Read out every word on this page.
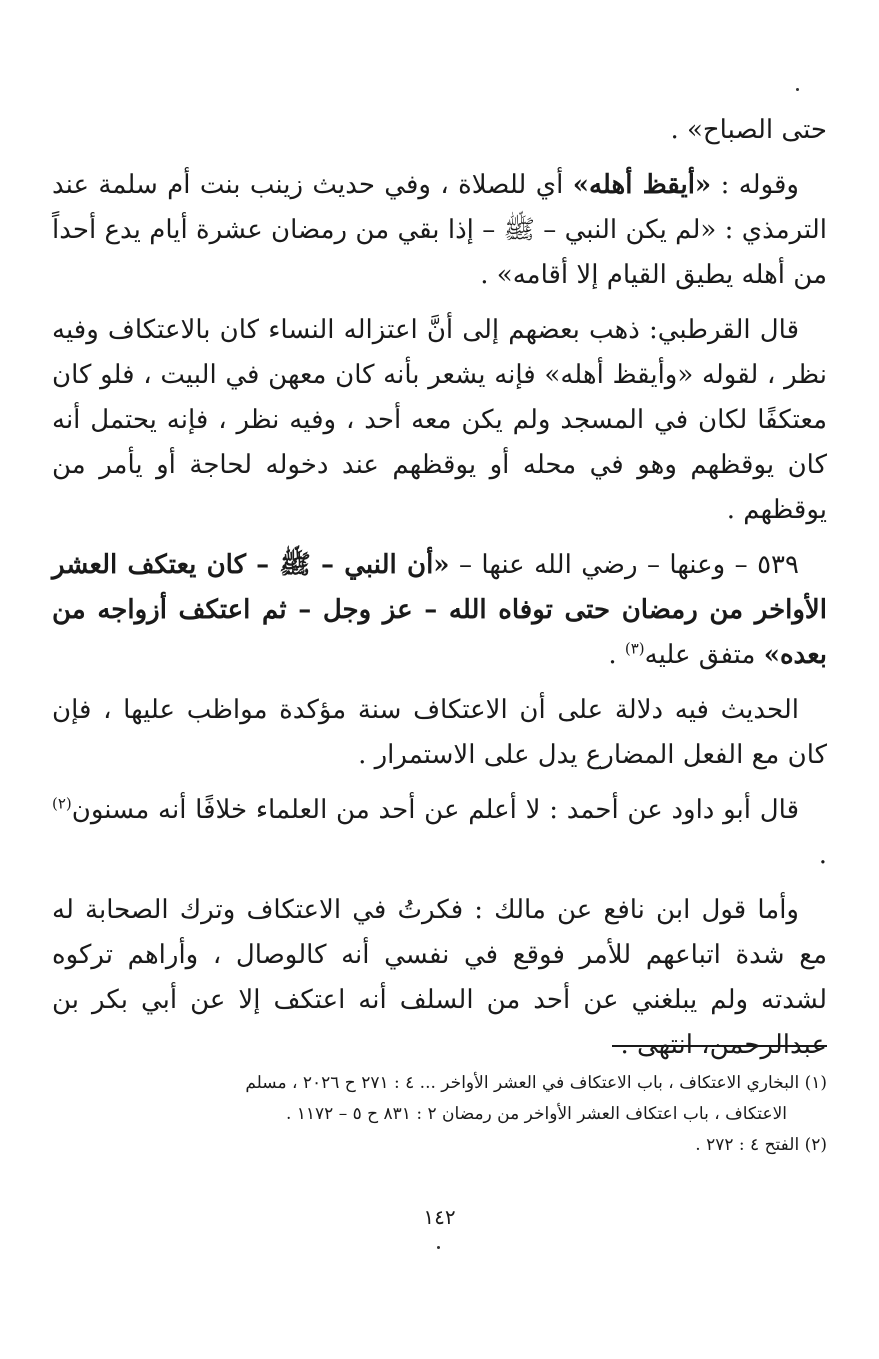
حتى الصباح» .

وقوله : «أيقظ أهله» أي للصلاة ، وفي حديث زينب بنت أم سلمة عند الترمذي : «لم يكن النبي – ﷺ – إذا بقي من رمضان عشرة أيام يدع أحداً من أهله يطيق القيام إلا أقامه» .

قال القرطبي: ذهب بعضهم إلى أنَّ اعتزاله النساء كان بالاعتكاف وفيه نظر ، لقوله «وأيقظ أهله» فإنه يشعر بأنه كان معهن في البيت ، فلو كان معتكفًا لكان في المسجد ولم يكن معه أحد ، وفيه نظر ، فإنه يحتمل أنه كان يوقظهم وهو في محله أو يوقظهم عند دخوله لحاجة أو يأمر من يوقظهم .

٥٣٩ – وعنها – رضي الله عنها – «أن النبي – ﷺ – كان يعتكف العشر الأواخر من رمضان حتى توفاه الله – عز وجل – ثم اعتكف أزواجه من بعده» متفق عليه$^{(٣)}$ .

الحديث فيه دلالة على أن الاعتكاف سنة مؤكدة مواظب عليها ، فإن كان مع الفعل المضارع يدل على الاستمرار .

قال أبو داود عن أحمد : لا أعلم عن أحد من العلماء خلافًا أنه مسنون$^{(٢)}$ .

وأما قول ابن نافع عن مالك : فكرتُ في الاعتكاف وترك الصحابة له مع شدة اتباعهم للأمر فوقع في نفسي أنه كالوصال ، وأراهم تركوه لشدته ولم يبلغني عن أحد من السلف أنه اعتكف إلا عن أبي بكر بن عبدالرحمن، انتهى .

(١) البخاري الاعتكاف ، باب الاعتكاف في العشر الأواخر ... ٤ : ٢٧١ ح ٢٠٢٦ ، مسلم

الاعتكاف ، باب اعتكاف العشر الأواخر من رمضان ٢ : ٨٣١ ح ٥ – ١١٧٢ .

(٢) الفتح ٤ : ٢٧٢ .

١٤٢
